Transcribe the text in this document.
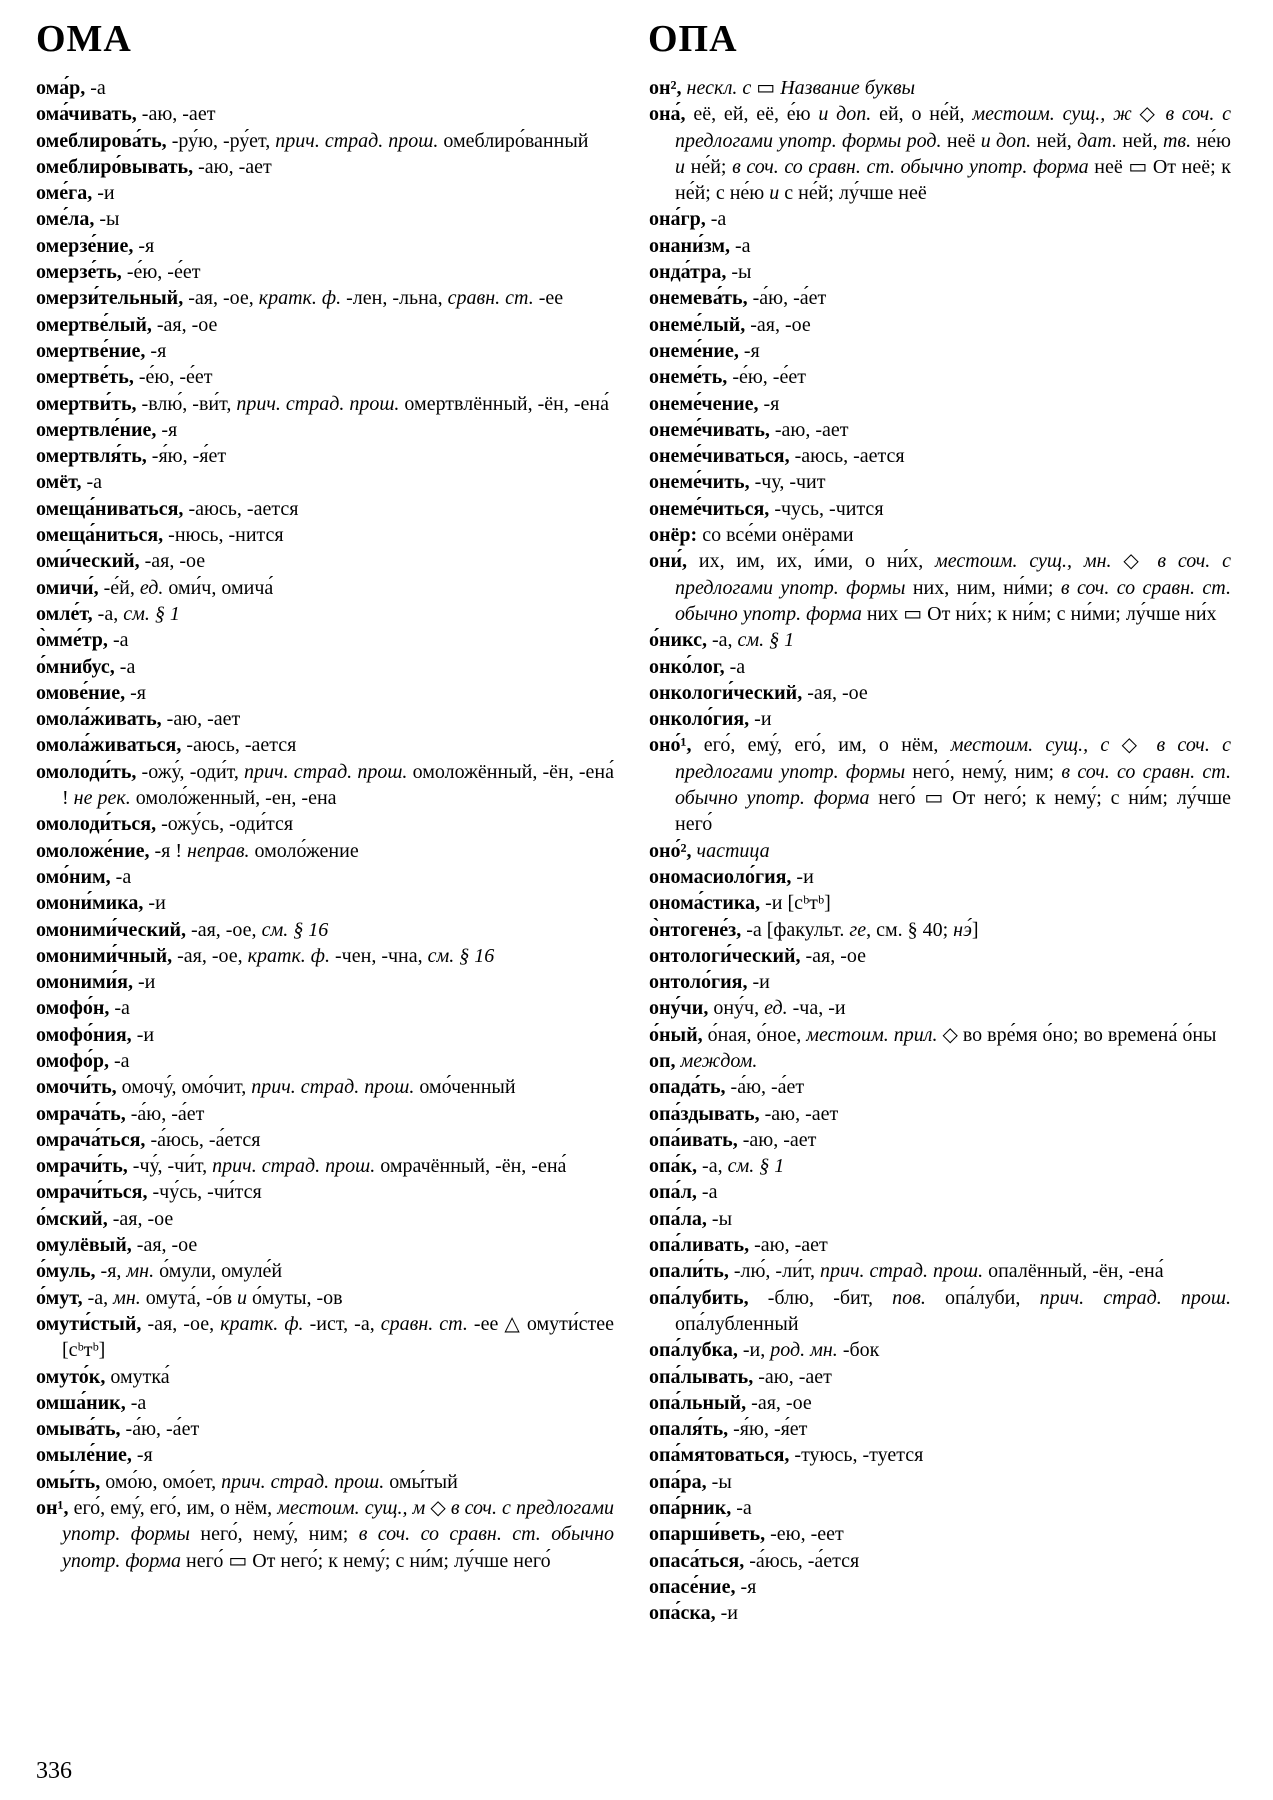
ОМА	ОПА

ома́р, -а

ома́чивать, -аю, -ает

омеблирова́ть, -ру́ю, -ру́ет, прич. страд. прош. омеблиро́ванный

омеблиро́вывать, -аю, -ает

оме́га, -и

оме́ла, -ы

омерзе́ние, -я

омерзе́ть, -е́ю, -е́ет

омерзи́тельный, -ая, -ое, кратк. ф. -лен, -льна, сравн. ст. -ее

омертве́лый, -ая, -ое

омертве́ние, -я

омертве́ть, -е́ю, -е́ет

омертви́ть, -влю́, -ви́т, прич. страд. прош. омертвлённый, -ён, -ена́

омертвле́ние, -я

омертвля́ть, -я́ю, -я́ет

омёт, -а

омеща́ниваться, -аюсь, -ается

омеща́ниться, -нюсь, -нится

оми́ческий, -ая, -ое

омичи́, -е́й, ед. оми́ч, омича́

омле́т, -а, см. § 1

о̀мме́тр, -а

о́мнибус, -а

омове́ние, -я

омола́живать, -аю, -ает

омола́живаться, -аюсь, -ается

омолоди́ть, -ожу́, -оди́т, прич. страд. прош. омоложённый, -ён, -ена́ ! не рек. омоло́женный, -ен, -ена

омолоди́ться, -ожу́сь, -оди́тся

омоложе́ние, -я ! неправ. омоло́жение

омо́ним, -а

омони́мика, -и

омоними́ческий, -ая, -ое, см. § 16

омоними́чный, -ая, -ое, кратк. ф. -чен, -чна, см. § 16

омоними́я, -и

омофо́н, -а

омофо́ния, -и

омофо́р, -а

омочи́ть, омочу́, омо́чит, прич. страд. прош. омо́ченный

омрача́ть, -а́ю, -а́ет

омрача́ться, -а́юсь, -а́ется

омрачи́ть, -чу́, -чи́т, прич. страд. прош. омрачённый, -ён, -ена́

омрачи́ться, -чу́сь, -чи́тся

о́мский, -ая, -ое

омулёвый, -ая, -ое

о́муль, -я, мн. о́мули, омуле́й

о́мут, -а, мн. омута́, -о́в и о́муты, -ов

омути́стый, -ая, -ое, кратк. ф. -ист, -а, сравн. ст. -ее △ омути́стее [сᵇтᵇ]

омуто́к, омутка́

омша́ник, -а

омыва́ть, -а́ю, -а́ет

омыле́ние, -я

омы́ть, омо́ю, омо́ет, прич. страд. прош. омы́тый

он¹, его́, ему́, его́, им, о нём, местоим. сущ., м ◇ в соч. с предлогами употр. формы него́, нему́, ним; в соч. со сравн. ст. обычно употр. форма него́ ▭ От него́; к нему́; с ни́м; лу́чше него́

он², нескл. с ▭ Название буквы

она́, её, ей, её, е́ю и доп. ей, о не́й, местоим. сущ., ж ◇ в соч. с предлогами употр. формы род. неё и доп. ней, дат. ней, тв. не́ю и не́й; в соч. со сравн. ст. обычно употр. форма неё ▭ От неё; к не́й; с не́ю и с не́й; лу́чше неё

она́гр, -а

онани́зм, -а

онда́тра, -ы

онемева́ть, -а́ю, -а́ет

онеме́лый, -ая, -ое

онеме́ние, -я

онеме́ть, -е́ю, -е́ет

онеме́чение, -я

онеме́чивать, -аю, -ает

онеме́чиваться, -аюсь, -ается

онеме́чить, -чу, -чит

онеме́читься, -чусь, -чится

онёр: со все́ми онёрами

они́, их, им, их, и́ми, о ни́х, местоим. сущ., мн. ◇ в соч. с предлогами употр. формы них, ним, ни́ми; в соч. со сравн. ст. обычно употр. форма них ▭ От ни́х; к ни́м; с ни́ми; лу́чше ни́х

о́никс, -а, см. § 1

онко́лог, -а

онкологи́ческий, -ая, -ое

онколо́гия, -и

оно́¹, его́, ему́, его́, им, о нём, местоим. сущ., с ◇ в соч. с предлогами употр. формы него́, нему́, ним; в соч. со сравн. ст. обычно употр. форма него́ ▭ От него́; к нему́; с ни́м; лу́чше него́

оно́², частица

ономасиоло́гия, -и

онома́стика, -и [сᵇтᵇ]

о̀нтогене́з, -а [факульт. ге, см. § 40; нэ́]

онтологи́ческий, -ая, -ое

онтоло́гия, -и

ону́чи, ону́ч, ед. -ча, -и

о́ный, о́ная, о́ное, местоим. прил. ◇ во вре́мя о́но; во времена́ о́ны

оп, междом.

опада́ть, -а́ю, -а́ет

опа́здывать, -аю, -ает

опа́ивать, -аю, -ает

опа́к, -а, см. § 1

опа́л, -а

опа́ла, -ы

опа́ливать, -аю, -ает

опали́ть, -лю́, -ли́т, прич. страд. прош. опалённый, -ён, -ена́

опа́лубить, -блю, -бит, пов. опа́луби, прич. страд. прош. опа́лубленный

опа́лубка, -и, род. мн. -бок

опа́лывать, -аю, -ает

опа́льный, -ая, -ое

опаля́ть, -я́ю, -я́ет

опа́мятоваться, -туюсь, -туется

опа́ра, -ы

опа́рник, -а

опарши́веть, -ею, -еет

опаса́ться, -а́юсь, -а́ется

опасе́ние, -я

опа́ска, -и

336
